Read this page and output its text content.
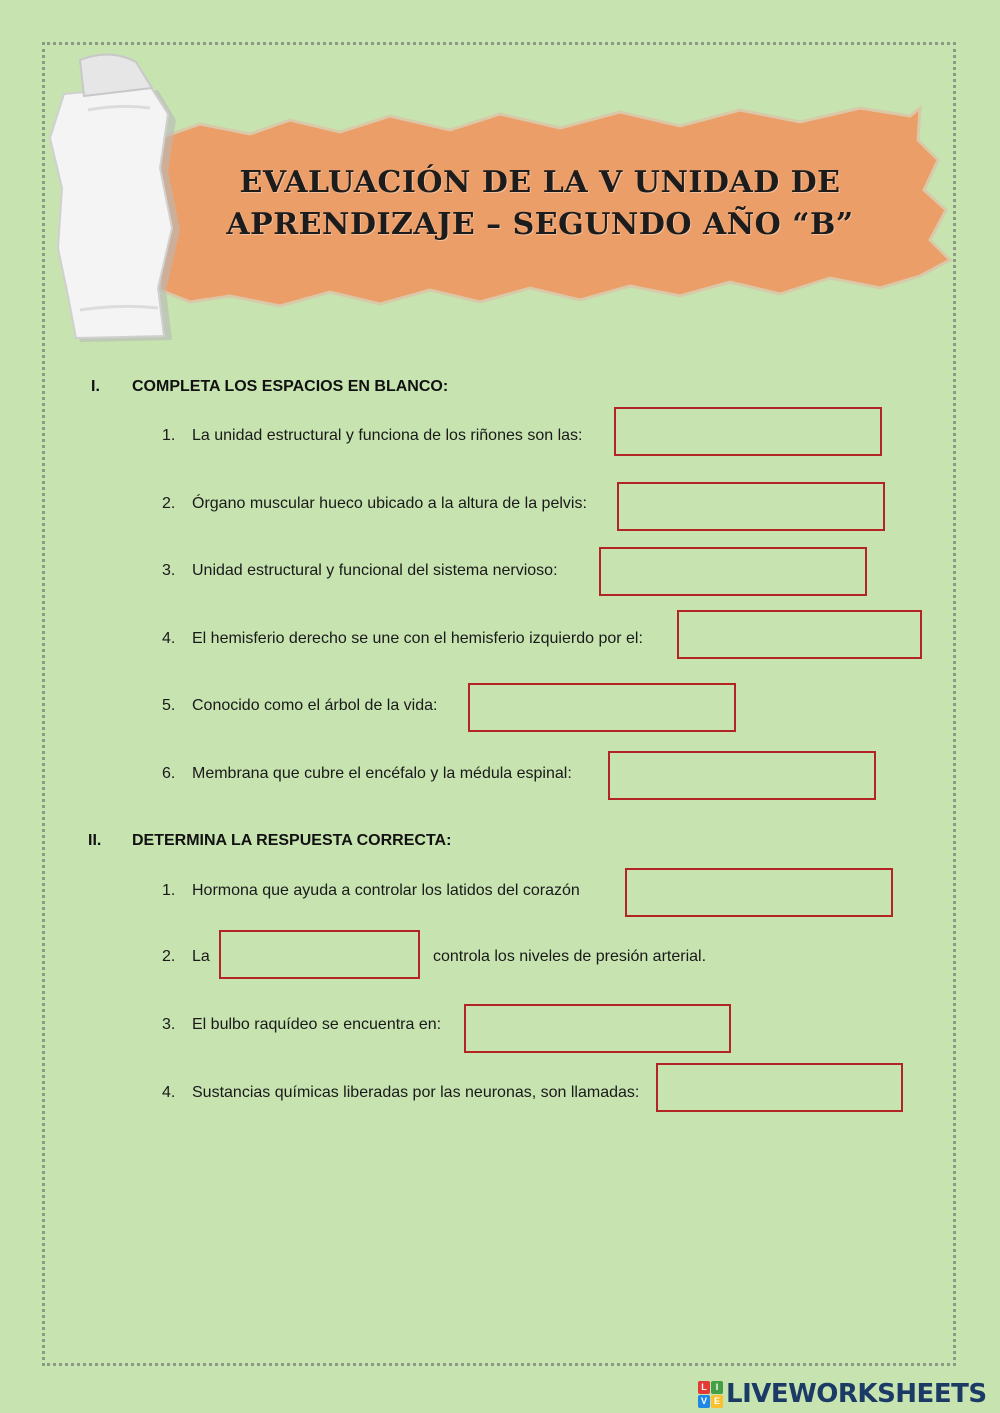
EVALUACIÓN DE LA V UNIDAD DE
APRENDIZAJE – SEGUNDO AÑO “B”
I. COMPLETA LOS ESPACIOS EN BLANCO:
1. La unidad estructural y funciona de los riñones son las:
2. Órgano muscular hueco ubicado a la altura de la pelvis:
3. Unidad estructural y funcional del sistema nervioso:
4. El hemisferio derecho se une con el hemisferio izquierdo por el:
5. Conocido como el árbol de la vida:
6. Membrana que cubre el encéfalo y la médula espinal:
II. DETERMINA LA RESPUESTA CORRECTA:
1. Hormona que ayuda a controlar los latidos del corazón
2. La	controla los niveles de presión arterial.
3. El bulbo raquídeo se encuentra en:
4. Sustancias químicas liberadas por las neuronas, son llamadas:
L I
V E LIVEWORKSHEETS
